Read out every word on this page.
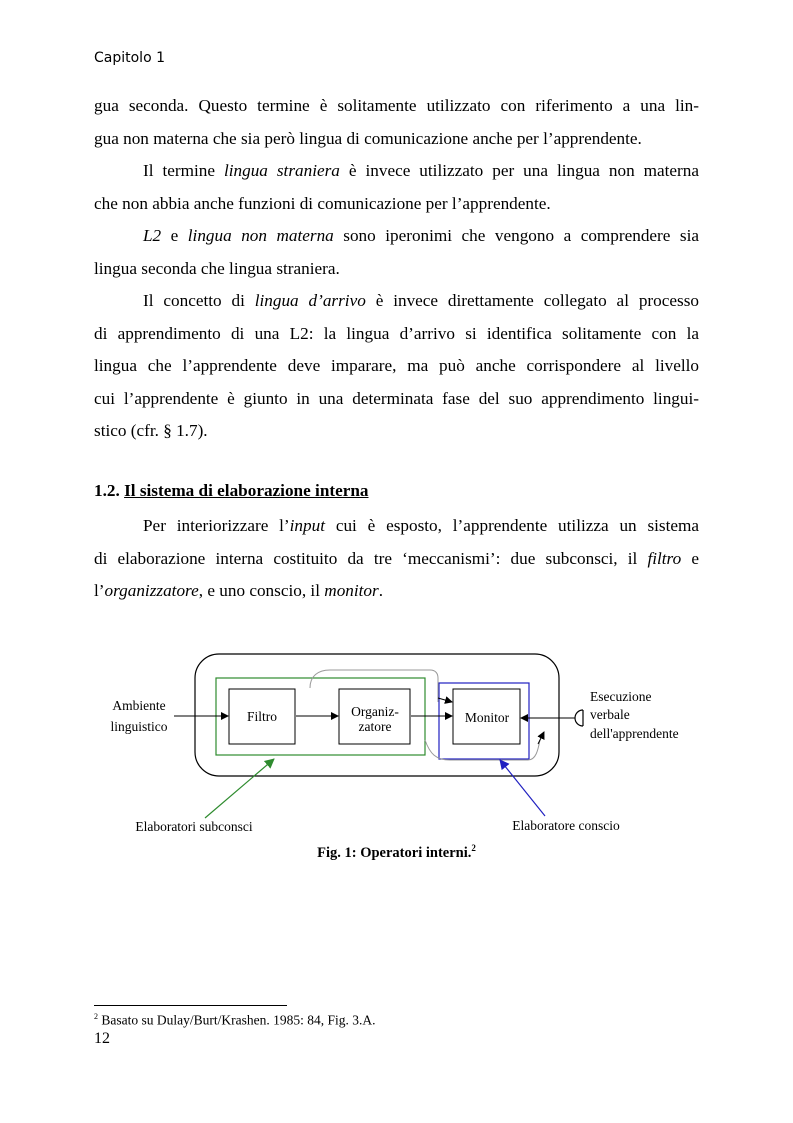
Capitolo 1
gua seconda. Questo termine è solitamente utilizzato con riferimento a una lin-
gua non materna che sia però lingua di comunicazione anche per l’apprendente.
Il termine lingua straniera è invece utilizzato per una lingua non materna
che non abbia anche funzioni di comunicazione per l’apprendente.
L2 e lingua non materna sono iperonimi che vengono a comprendere sia
lingua seconda che lingua straniera.
Il concetto di lingua d’arrivo è invece direttamente collegato al processo
di apprendimento di una L2: la lingua d’arrivo si identifica solitamente con la
lingua che l’apprendente deve imparare, ma può anche corrispondere al livello
cui l’apprendente è giunto in una determinata fase del suo apprendimento lingui-
stico (cfr. § 1.7).
1.2. Il sistema di elaborazione interna
Per interiorizzare l’input cui è esposto, l’apprendente utilizza un sistema
di elaborazione interna costituito da tre ‘meccanismi’: due subconsci, il filtro e
l’organizzatore, e uno conscio, il monitor.
Ambiente
linguistico
Filtro	Organiz-
zatore
Monitor
Esecuzione
verbale
dell'apprendente
Elaboratori subconsci	Elaboratore conscio
Fig. 1: Operatori interni.$^2$
$^2$ Basato su Dulay/Burt/Krashen. 1985: 84, Fig. 3.A.
12
